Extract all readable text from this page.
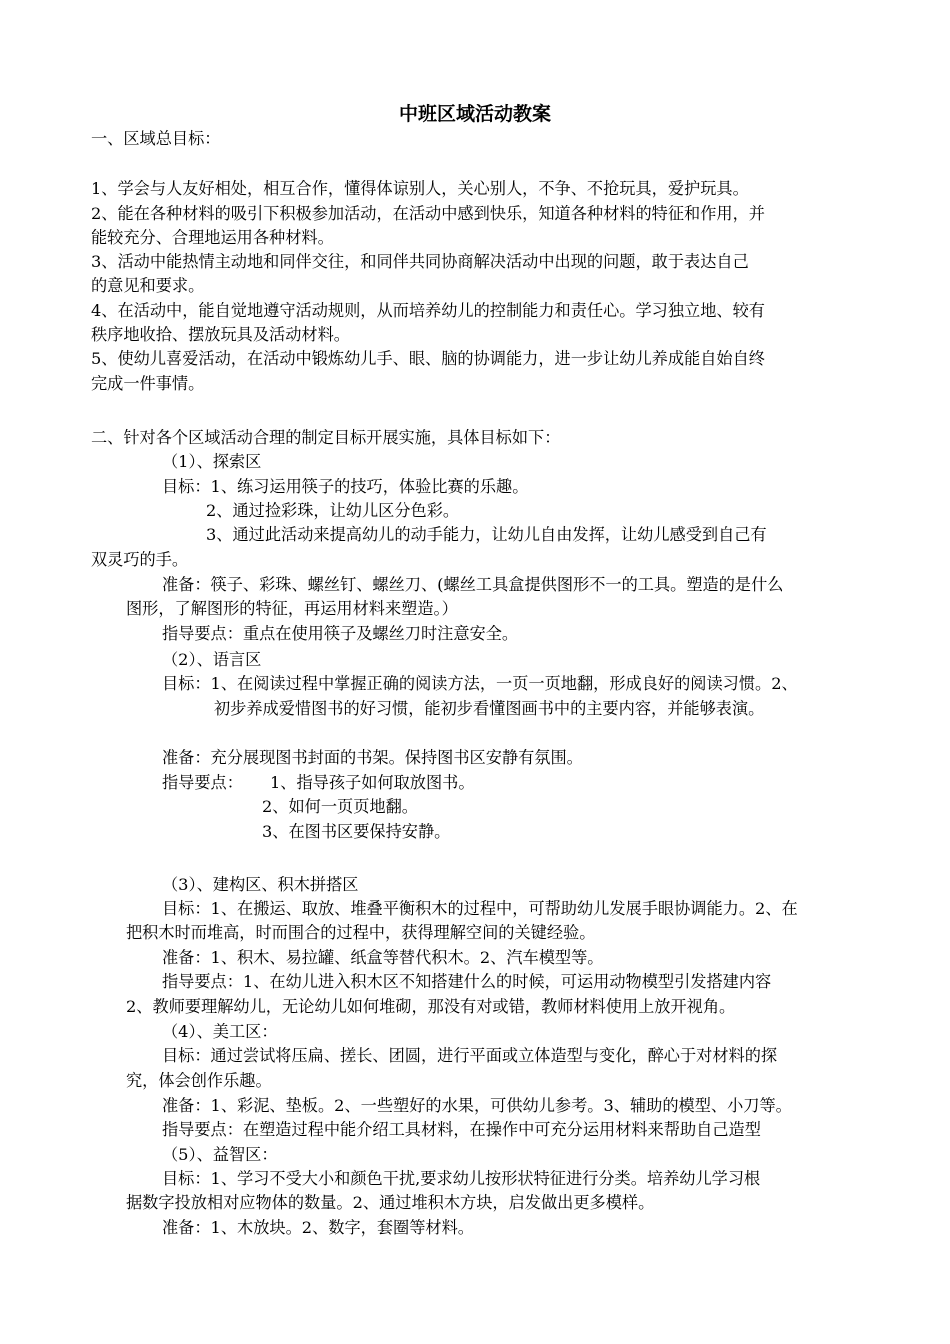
中班区域活动教案
一、区域总目标：
1、学会与人友好相处，相互合作，懂得体谅别人，关心别人，不争、不抢玩具，爱护玩具。
2、能在各种材料的吸引下积极参加活动，在活动中感到快乐，知道各种材料的特征和作用，并
能较充分、合理地运用各种材料。
3、活动中能热情主动地和同伴交往，和同伴共同协商解决活动中出现的问题，敢于表达自己
的意见和要求。
4、在活动中，能自觉地遵守活动规则，从而培养幼儿的控制能力和责任心。学习独立地、较有
秩序地收拾、摆放玩具及活动材料。
5、使幼儿喜爱活动，在活动中锻炼幼儿手、眼、脑的协调能力，进一步让幼儿养成能自始自终
完成一件事情。
二、针对各个区域活动合理的制定目标开展实施，具体目标如下：
（1）、探索区
目标：1、练习运用筷子的技巧，体验比赛的乐趣。
2、通过捡彩珠，让幼儿区分色彩。
3、通过此活动来提高幼儿的动手能力，让幼儿自由发挥，让幼儿感受到自己有
双灵巧的手。
准备：筷子、彩珠、螺丝钉、螺丝刀、(螺丝工具盒提供图形不一的工具。塑造的是什么
图形，了解图形的特征，再运用材料来塑造。）
指导要点：重点在使用筷子及螺丝刀时注意安全。
（2）、语言区
目标：1、在阅读过程中掌握正确的阅读方法，一页一页地翻，形成良好的阅读习惯。2、
初步养成爱惜图书的好习惯，能初步看懂图画书中的主要内容，并能够表演。
准备：充分展现图书封面的书架。保持图书区安静有氛围。
指导要点： 1、指导孩子如何取放图书。
2、如何一页页地翻。
3、在图书区要保持安静。
（3）、建构区、积木拼搭区
目标：1、在搬运、取放、堆叠平衡积木的过程中，可帮助幼儿发展手眼协调能力。2、在
把积木时而堆高，时而围合的过程中，获得理解空间的关键经验。
准备：1、积木、易拉罐、纸盒等替代积木。2、汽车模型等。
指导要点：1、在幼儿进入积木区不知搭建什么的时候，可运用动物模型引发搭建内容
2、教师要理解幼儿，无论幼儿如何堆砌，那没有对或错，教师材料使用上放开视角。
（4）、美工区：
目标：通过尝试将压扁、搓长、团圆，进行平面或立体造型与变化，醉心于对材料的探
究，体会创作乐趣。
准备：1、彩泥、垫板。2、一些塑好的水果，可供幼儿参考。3、辅助的模型、小刀等。
指导要点：在塑造过程中能介绍工具材料，在操作中可充分运用材料来帮助自己造型
（5）、益智区：
目标：1、学习不受大小和颜色干扰,要求幼儿按形状特征进行分类。培养幼儿学习根
据数字投放相对应物体的数量。2、通过堆积木方块，启发做出更多模样。
准备：1、木放块。2、数字，套圈等材料。
